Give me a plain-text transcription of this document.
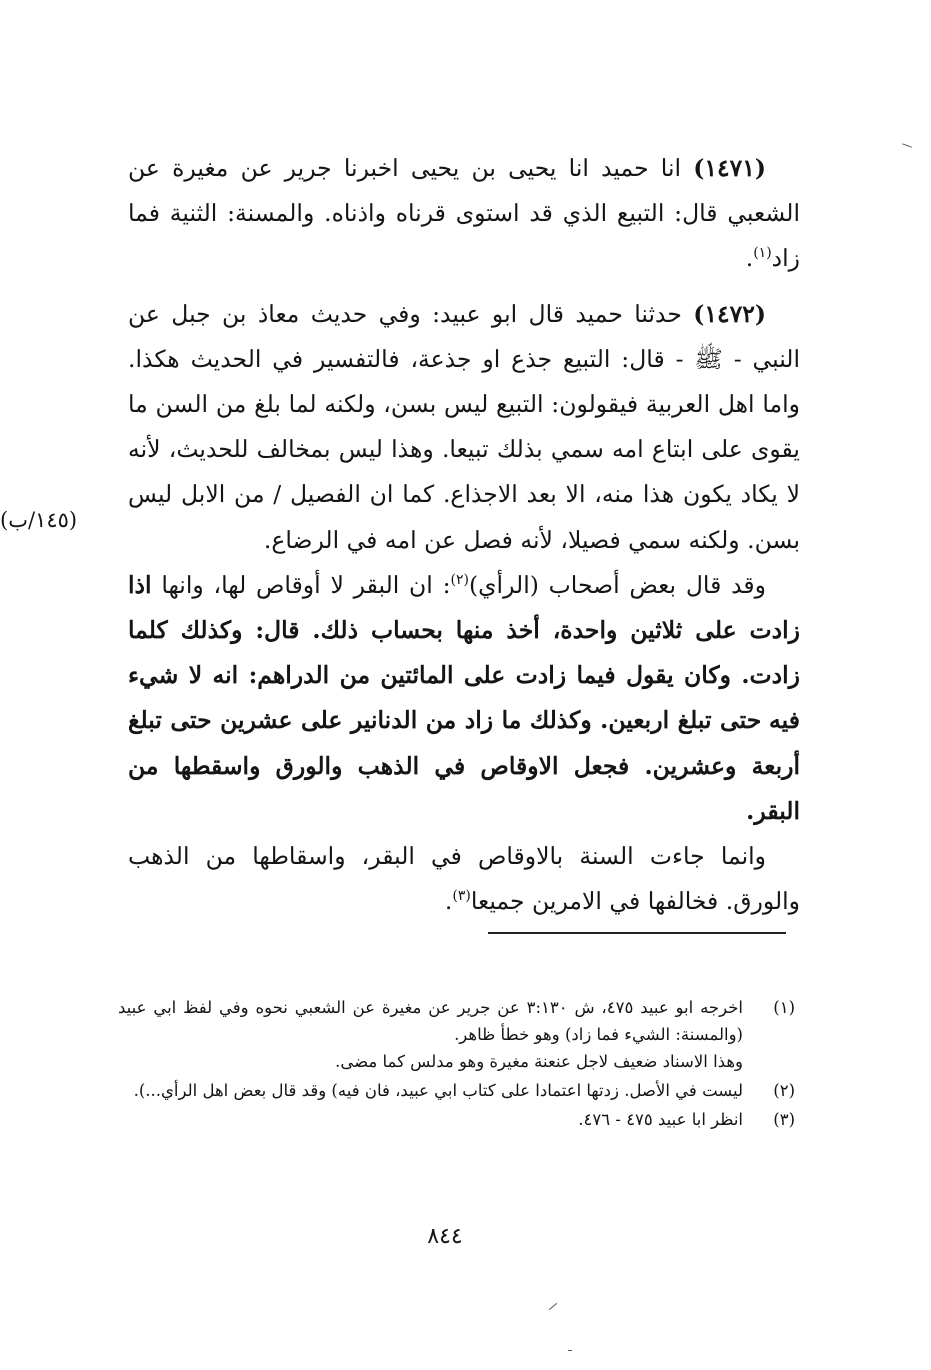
(١٤٧١) انا حميد انا يحيى بن يحيى اخبرنا جرير عن مغيرة عن الشعبي قال: التبيع الذي قد استوى قرناه واذناه. والمسنة: الثنية فما زاد$^{(١)}$.

(١٤٧٢) حدثنا حميد قال ابو عبيد: وفي حديث معاذ بن جبل عن النبي - ﷺ - قال: التبيع جذع او جذعة، فالتفسير في الحديث هكذا. واما اهل العربية فيقولون: التبيع ليس بسن، ولكنه لما بلغ من السن ما يقوى على ابتاع امه سمي بذلك تبيعا. وهذا ليس بمخالف للحديث، لأنه لا يكاد يكون هذا منه، الا بعد الاجذاع. كما ان الفصيل / من الابل ليس بسن. ولكنه سمي فصيلا، لأنه فصل عن امه في الرضاع.

وقد قال بعض أصحاب (الرأي)$^{(٢)}$: ان البقر لا أوقاص لها، وانها اذا زادت على ثلاثين واحدة، أخذ منها بحساب ذلك. قال: وكذلك كلما زادت. وكان يقول فيما زادت على المائتين من الدراهم: انه لا شيء فيه حتى تبلغ اربعين. وكذلك ما زاد من الدنانير على عشرين حتى تبلغ أربعة وعشرين. فجعل الاوقاص في الذهب والورق واسقطها من البقر.

وانما جاءت السنة بالاوقاص في البقر، واسقاطها من الذهب والورق. فخالفها في الامرين جميعا$^{(٣)}$.

(١٤٥/ب)
(١)
اخرجه ابو عبيد ٤٧٥، ش ٣:١٣٠ عن جرير عن مغيرة عن الشعبي نحوه وفي لفظ ابي عبيد (والمسنة: الشيء فما زاد) وهو خطأ ظاهر.
وهذا الاسناد ضعيف لاجل عنعنة مغيرة وهو مدلس كما مضى.
(٢)
ليست في الأصل. زدتها اعتمادا على كتاب ابي عبيد، فان فيه) وقد قال بعض اهل الرأي...).
(٣)
انظر ابا عبيد ٤٧٥ - ٤٧٦.
٨٤٤
